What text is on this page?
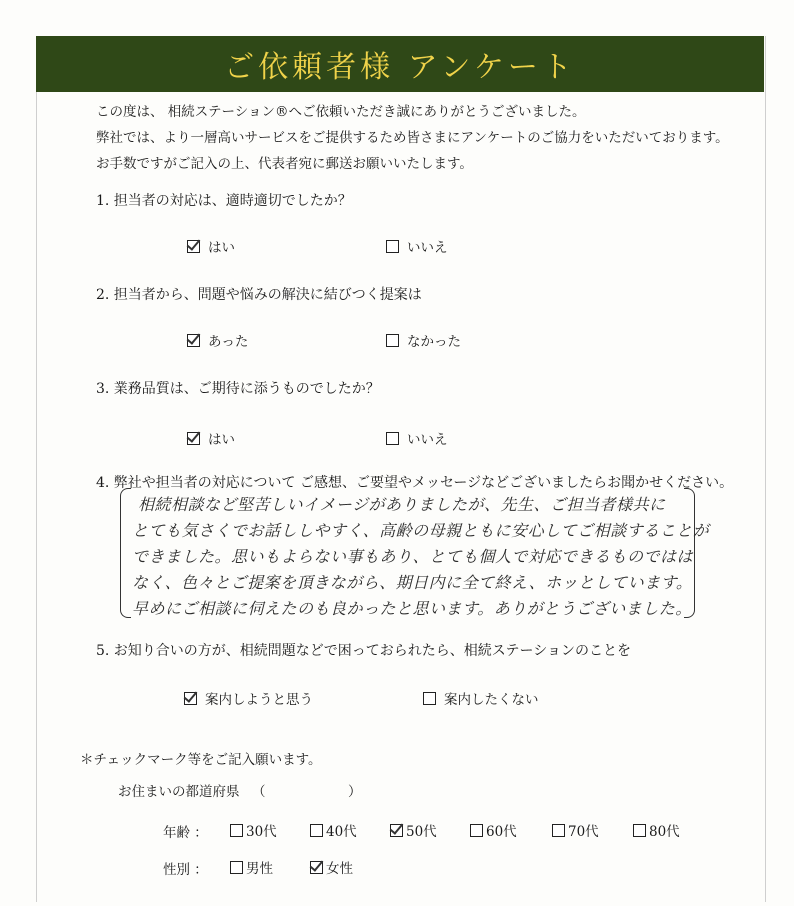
ご依頼者様 アンケート
この度は、 相続ステーション®へご依頼いただき誠にありがとうございました。
弊社では、より一層高いサービスをご提供するため皆さまにアンケートのご協力をいただいております。
お手数ですがご記入の上、代表者宛に郵送お願いいたします。
1. 担当者の対応は、適時適切でしたか？
はい	いいえ
2. 担当者から、問題や悩みの解決に結びつく提案は
あった	なかった
3. 業務品質は、ご期待に添うものでしたか？
はい	いいえ
4. 弊社や担当者の対応について ご感想、ご要望やメッセージなどございましたらお聞かせください。
相続相談など堅苦しいイメージがありましたが、先生、ご担当者様共に
とても気さくでお話ししやすく、高齢の母親ともに安心してご相談することが
できました。思いもよらない事もあり、とても個人で対応できるものではは
なく、色々とご提案を頂きながら、期日内に全て終え、ホッとしています。
早めにご相談に伺えたのも良かったと思います。ありがとうございました。
5. お知り合いの方が、相続問題などで困っておられたら、相続ステーションのことを
案内しようと思う	案内したくない
＊チェックマーク等をご記入願います。
お住まいの都道府県 （	）
年齢 ：	30代	40代	50代	60代	70代	80代
性別 ：	男性	女性
